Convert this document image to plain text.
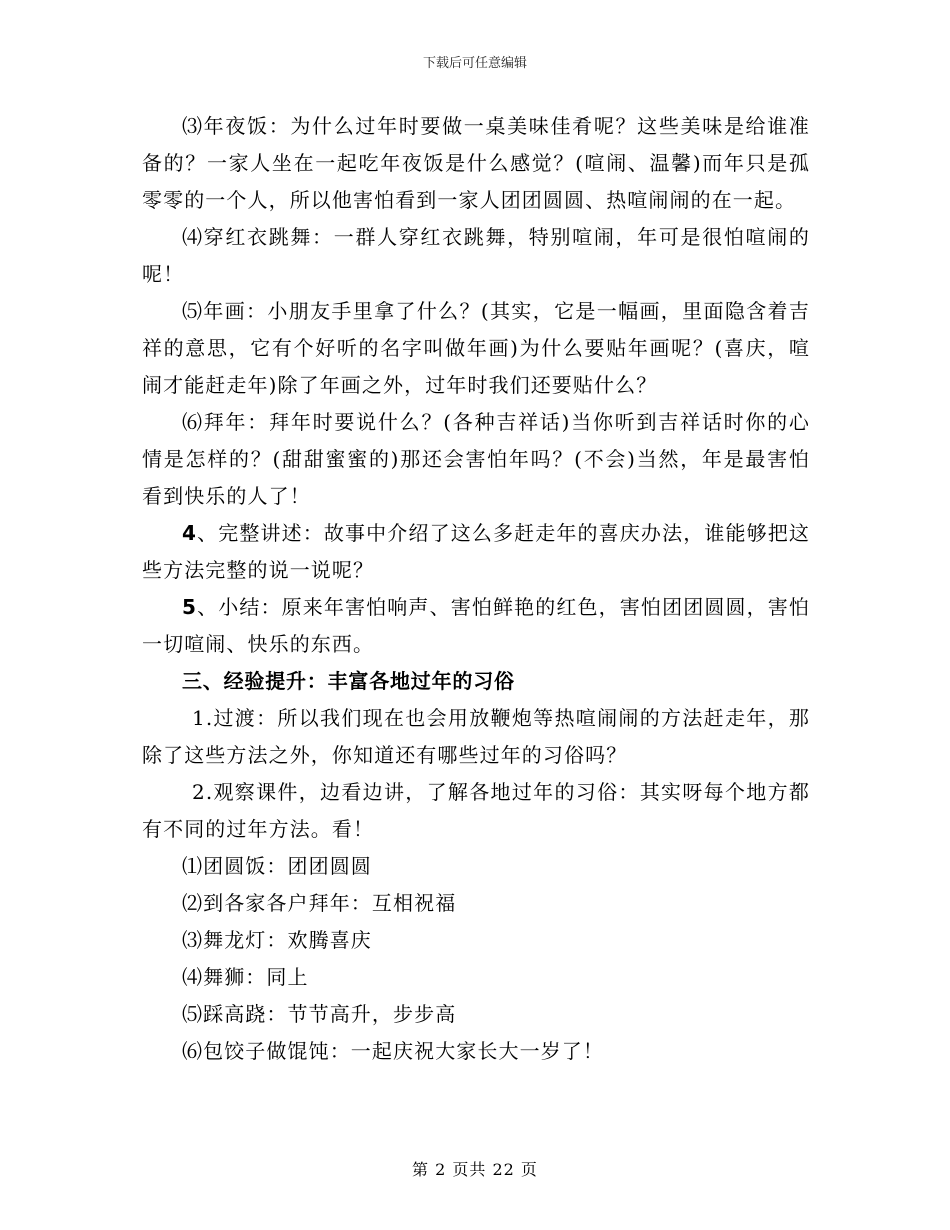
下载后可任意编辑

⑶年夜饭：为什么过年时要做一桌美味佳肴呢？这些美味是给谁准备的？一家人坐在一起吃年夜饭是什么感觉？(喧闹、温馨)而年只是孤零零的一个人，所以他害怕看到一家人团团圆圆、热喧闹闹的在一起。

⑷穿红衣跳舞：一群人穿红衣跳舞，特别喧闹，年可是很怕喧闹的呢！

⑸年画：小朋友手里拿了什么？(其实，它是一幅画，里面隐含着吉祥的意思，它有个好听的名字叫做年画)为什么要贴年画呢？(喜庆，喧闹才能赶走年)除了年画之外，过年时我们还要贴什么？

⑹拜年：拜年时要说什么？(各种吉祥话)当你听到吉祥话时你的心情是怎样的？(甜甜蜜蜜的)那还会害怕年吗？(不会)当然，年是最害怕看到快乐的人了！

4、完整讲述：故事中介绍了这么多赶走年的喜庆办法，谁能够把这些方法完整的说一说呢？

5、小结：原来年害怕响声、害怕鲜艳的红色，害怕团团圆圆，害怕一切喧闹、快乐的东西。

三、经验提升：丰富各地过年的习俗

1.过渡：所以我们现在也会用放鞭炮等热喧闹闹的方法赶走年，那除了这些方法之外，你知道还有哪些过年的习俗吗？

2.观察课件，边看边讲，了解各地过年的习俗：其实呀每个地方都有不同的过年方法。看！

⑴团圆饭：团团圆圆

⑵到各家各户拜年：互相祝福

⑶舞龙灯：欢腾喜庆

⑷舞狮：同上

⑸踩高跷：节节高升，步步高

⑹包饺子做馄饨：一起庆祝大家长大一岁了！

第 2 页共 22 页
